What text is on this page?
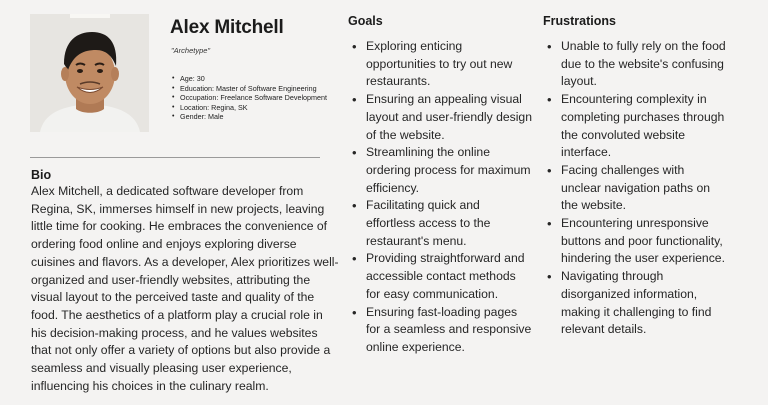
Alex Mitchell
"Archetype"
• Age: 30
• Education: Master of Software Engineering
• Occupation: Freelance Software Development
• Location: Regina, SK
• Gender: Male
Bio
Alex Mitchell, a dedicated software developer from Regina, SK, immerses himself in new projects, leaving little time for cooking. He embraces the convenience of ordering food online and enjoys exploring diverse cuisines and flavors. As a developer, Alex prioritizes well-organized and user-friendly websites, attributing the visual layout to the perceived taste and quality of the food. The aesthetics of a platform play a crucial role in his decision-making process, and he values websites that not only offer a variety of options but also provide a seamless and visually pleasing user experience, influencing his choices in the culinary realm.
Goals
• Exploring enticing opportunities to try out new restaurants.
• Ensuring an appealing visual layout and user-friendly design of the website.
• Streamlining the online ordering process for maximum efficiency.
• Facilitating quick and effortless access to the restaurant's menu.
• Providing straightforward and accessible contact methods for easy communication.
• Ensuring fast-loading pages for a seamless and responsive online experience.
Frustrations
• Unable to fully rely on the food due to the website's confusing layout.
• Encountering complexity in completing purchases through the convoluted website interface.
• Facing challenges with unclear navigation paths on the website.
• Encountering unresponsive buttons and poor functionality, hindering the user experience.
• Navigating through disorganized information, making it challenging to find relevant details.
